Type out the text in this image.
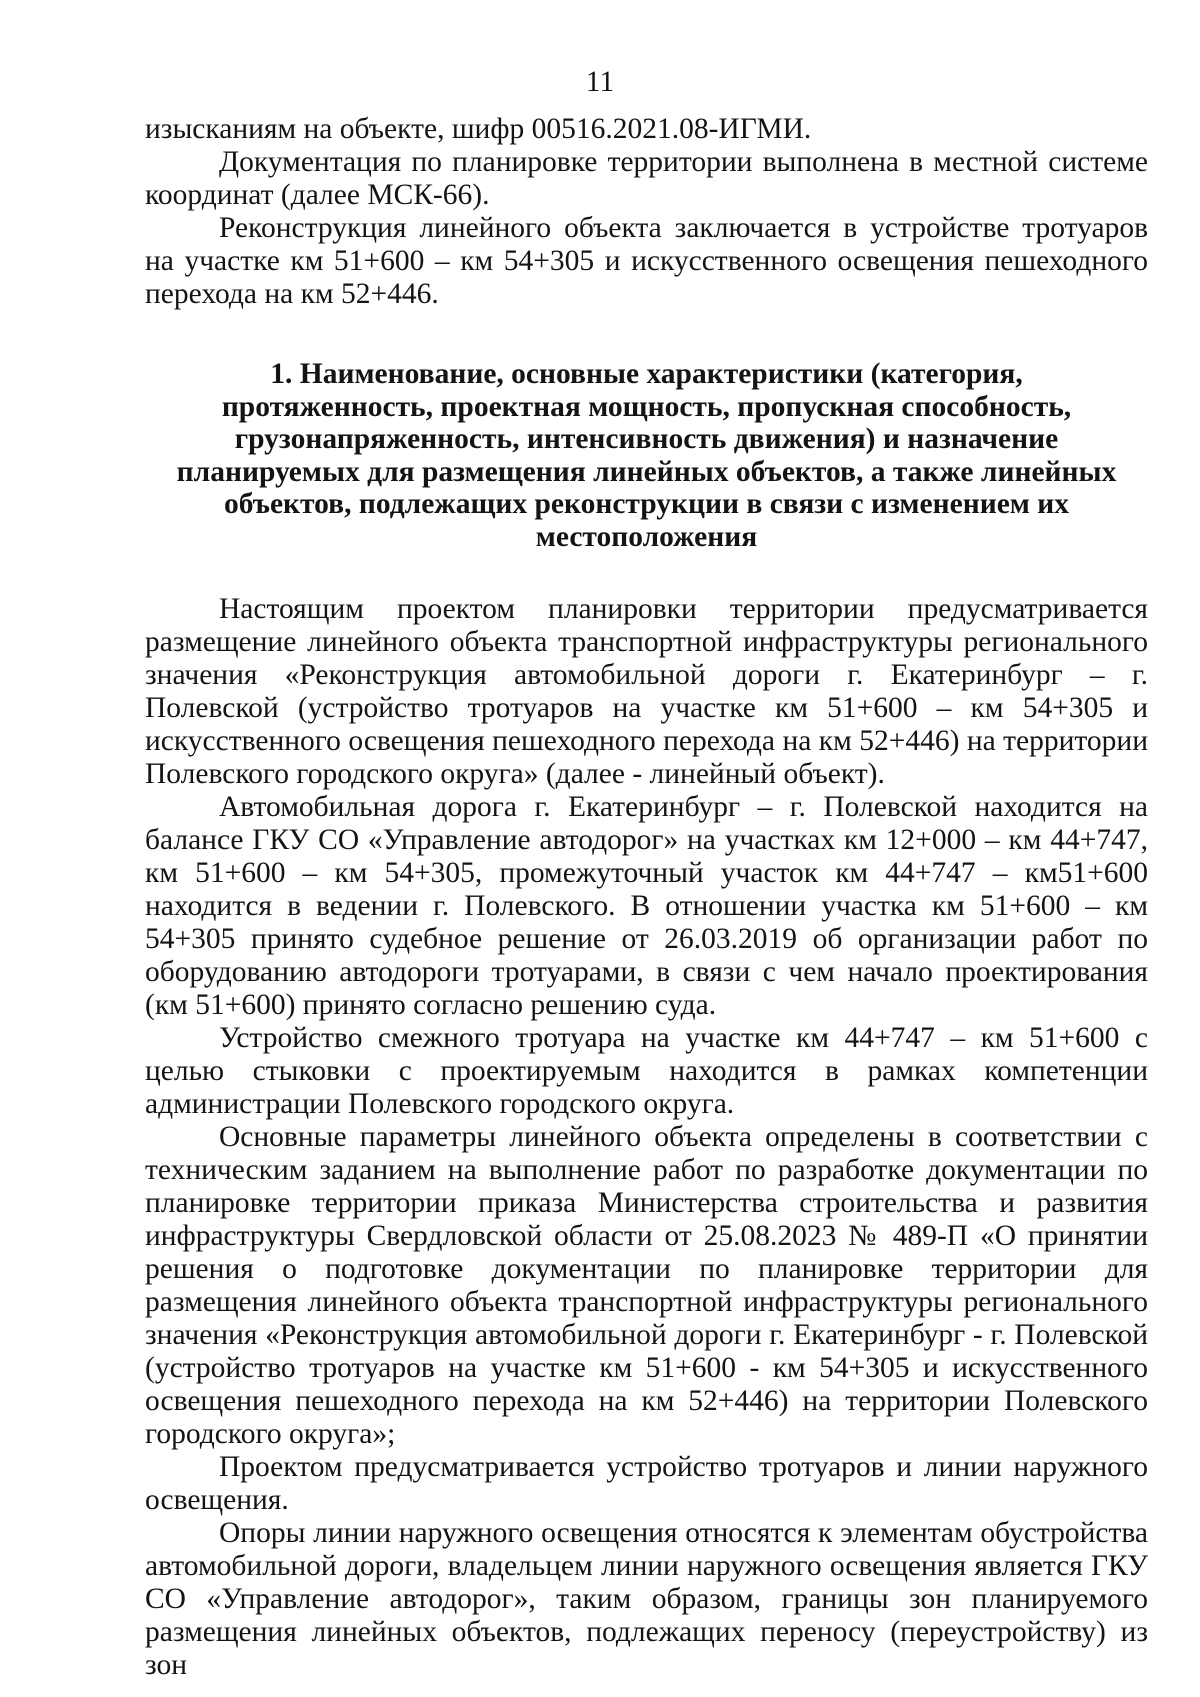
11

изысканиям на объекте, шифр 00516.2021.08-ИГМИ.

Документация по планировке территории выполнена в местной системе координат (далее МСК-66).

Реконструкция линейного объекта заключается в устройстве тротуаров на участке км 51+600 – км 54+305 и искусственного освещения пешеходного перехода на км 52+446.

1. Наименование, основные характеристики (категория, протяженность, проектная мощность, пропускная способность, грузонапряженность, интенсивность движения) и назначение планируемых для размещения линейных объектов, а также линейных объектов, подлежащих реконструкции в связи с изменением их местоположения

Настоящим проектом планировки территории предусматривается размещение линейного объекта транспортной инфраструктуры регионального значения «Реконструкция автомобильной дороги г. Екатеринбург – г. Полевской (устройство тротуаров на участке км 51+600 – км 54+305 и искусственного освещения пешеходного перехода на км 52+446) на территории Полевского городского округа» (далее - линейный объект).

Автомобильная дорога г. Екатеринбург – г. Полевской находится на балансе ГКУ СО «Управление автодорог» на участках км 12+000 – км 44+747, км 51+600 – км 54+305, промежуточный участок км 44+747 – км51+600 находится в ведении г. Полевского. В отношении участка км 51+600 – км 54+305 принято судебное решение от 26.03.2019 об организации работ по оборудованию автодороги тротуарами, в связи с чем начало проектирования (км 51+600) принято согласно решению суда.

Устройство смежного тротуара на участке км 44+747 – км 51+600 с целью стыковки с проектируемым находится в рамках компетенции администрации Полевского городского округа.

Основные параметры линейного объекта определены в соответствии с техническим заданием на выполнение работ по разработке документации по планировке территории приказа Министерства строительства и развития инфраструктуры Свердловской области от 25.08.2023 № 489-П «О принятии решения о подготовке документации по планировке территории для размещения линейного объекта транспортной инфраструктуры регионального значения «Реконструкция автомобильной дороги г. Екатеринбург - г. Полевской (устройство тротуаров на участке км 51+600 - км 54+305 и искусственного освещения пешеходного перехода на км 52+446) на территории Полевского городского округа»;

Проектом предусматривается устройство тротуаров и линии наружного освещения.

Опоры линии наружного освещения относятся к элементам обустройства автомобильной дороги, владельцем линии наружного освещения является ГКУ СО «Управление автодорог», таким образом, границы зон планируемого размещения линейных объектов, подлежащих переносу (переустройству) из зон
